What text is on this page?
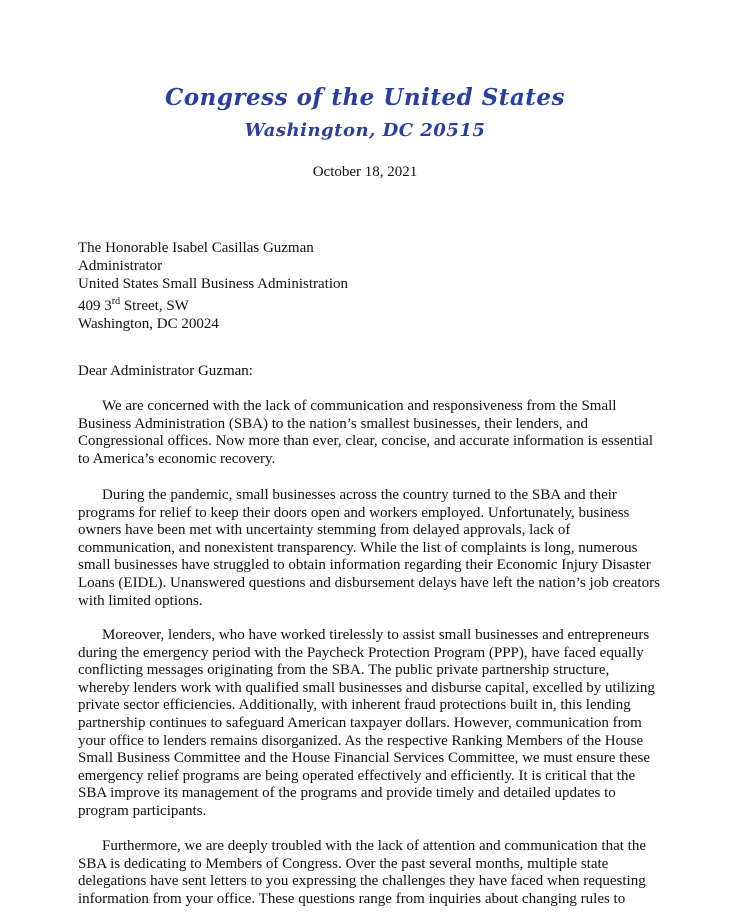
Congress of the United States
Washington, DC 20515
October 18, 2021
The Honorable Isabel Casillas Guzman
Administrator
United States Small Business Administration
409 3rd Street, SW
Washington, DC 20024
Dear Administrator Guzman:
We are concerned with the lack of communication and responsiveness from the Small
Business Administration (SBA) to the nation’s smallest businesses, their lenders, and
Congressional offices. Now more than ever, clear, concise, and accurate information is essential
to America’s economic recovery.
During the pandemic, small businesses across the country turned to the SBA and their
programs for relief to keep their doors open and workers employed. Unfortunately, business
owners have been met with uncertainty stemming from delayed approvals, lack of
communication, and nonexistent transparency. While the list of complaints is long, numerous
small businesses have struggled to obtain information regarding their Economic Injury Disaster
Loans (EIDL). Unanswered questions and disbursement delays have left the nation’s job creators
with limited options.
Moreover, lenders, who have worked tirelessly to assist small businesses and entrepreneurs
during the emergency period with the Paycheck Protection Program (PPP), have faced equally
conflicting messages originating from the SBA. The public private partnership structure,
whereby lenders work with qualified small businesses and disburse capital, excelled by utilizing
private sector efficiencies. Additionally, with inherent fraud protections built in, this lending
partnership continues to safeguard American taxpayer dollars. However, communication from
your office to lenders remains disorganized. As the respective Ranking Members of the House
Small Business Committee and the House Financial Services Committee, we must ensure these
emergency relief programs are being operated effectively and efficiently. It is critical that the
SBA improve its management of the programs and provide timely and detailed updates to
program participants.
Furthermore, we are deeply troubled with the lack of attention and communication that the
SBA is dedicating to Members of Congress. Over the past several months, multiple state
delegations have sent letters to you expressing the challenges they have faced when requesting
information from your office. These questions range from inquiries about changing rules to
